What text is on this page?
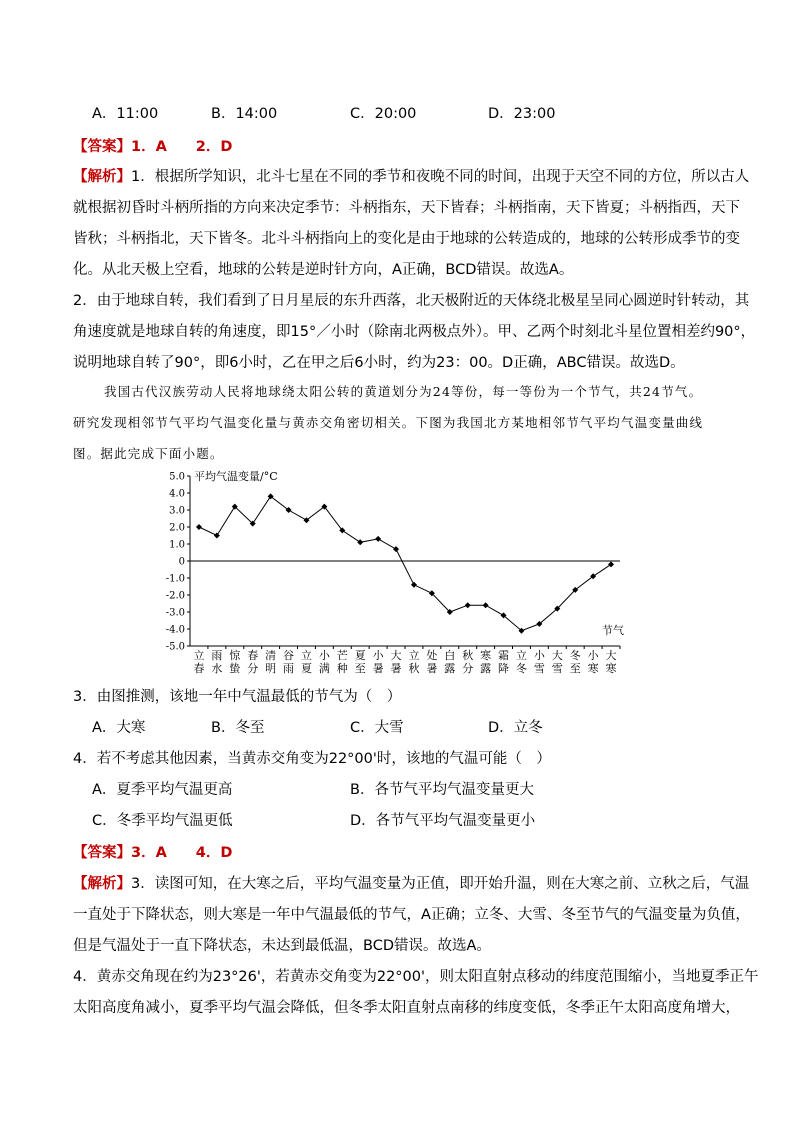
A．11:00	B．14:00	C．20:00	D．23:00
【答案】1．A　　2．D
【解析】1．根据所学知识，北斗七星在不同的季节和夜晚不同的时间，出现于天空不同的方位，所以古人
就根据初昏时斗柄所指的方向来决定季节：斗柄指东，天下皆春；斗柄指南，天下皆夏；斗柄指西，天下
皆秋；斗柄指北，天下皆冬。北斗斗柄指向上的变化是由于地球的公转造成的，地球的公转形成季节的变
化。从北天极上空看，地球的公转是逆时针方向，A正确，BCD错误。故选A。
2．由于地球自转，我们看到了日月星辰的东升西落，北天极附近的天体绕北极星呈同心圆逆时针转动，其
角速度就是地球自转的角速度，即15°／小时（除南北两极点外）。甲、乙两个时刻北斗星位置相差约90°，
说明地球自转了90°，即6小时，乙在甲之后6小时，约为23：00。D正确，ABC错误。故选D。
我国古代汉族劳动人民将地球绕太阳公转的黄道划分为24等份，每一等份为一个节气，共24节气。
研究发现相邻节气平均气温变化量与黄赤交角密切相关。下图为我国北方某地相邻节气平均气温变量曲线
图。据此完成下面小题。
5.0
4.0
3.0
2.0
1.0
0
-1.0
-2.0
-3.0
-4.0
-5.0
平均气温变量/°C
节气
立
春
雨
水
惊
蛰
春
分
清
明
谷
雨
立
夏
小
满
芒
种
夏
至
小
暑
大
暑
立
秋
处
暑
白
露
秋
分
寒
露
霜
降
立
冬
小
雪
大
雪
冬
至
小
寒
大
寒
3．由图推测，该地一年中气温最低的节气为（　）
A．大寒	B．冬至	C．大雪	D．立冬
4．若不考虑其他因素，当黄赤交角变为22°00'时，该地的气温可能（　）
A．夏季平均气温更高	B．各节气平均气温变量更大
C．冬季平均气温更低	D．各节气平均气温变量更小
【答案】3．A　　4．D
【解析】3．读图可知，在大寒之后，平均气温变量为正值，即开始升温，则在大寒之前、立秋之后，气温
一直处于下降状态，则大寒是一年中气温最低的节气，A正确；立冬、大雪、冬至节气的气温变量为负值，
但是气温处于一直下降状态，未达到最低温，BCD错误。故选A。
4．黄赤交角现在约为23°26'，若黄赤交角变为22°00'，则太阳直射点移动的纬度范围缩小，当地夏季正午
太阳高度角减小，夏季平均气温会降低，但冬季太阳直射点南移的纬度变低，冬季正午太阳高度角增大，
